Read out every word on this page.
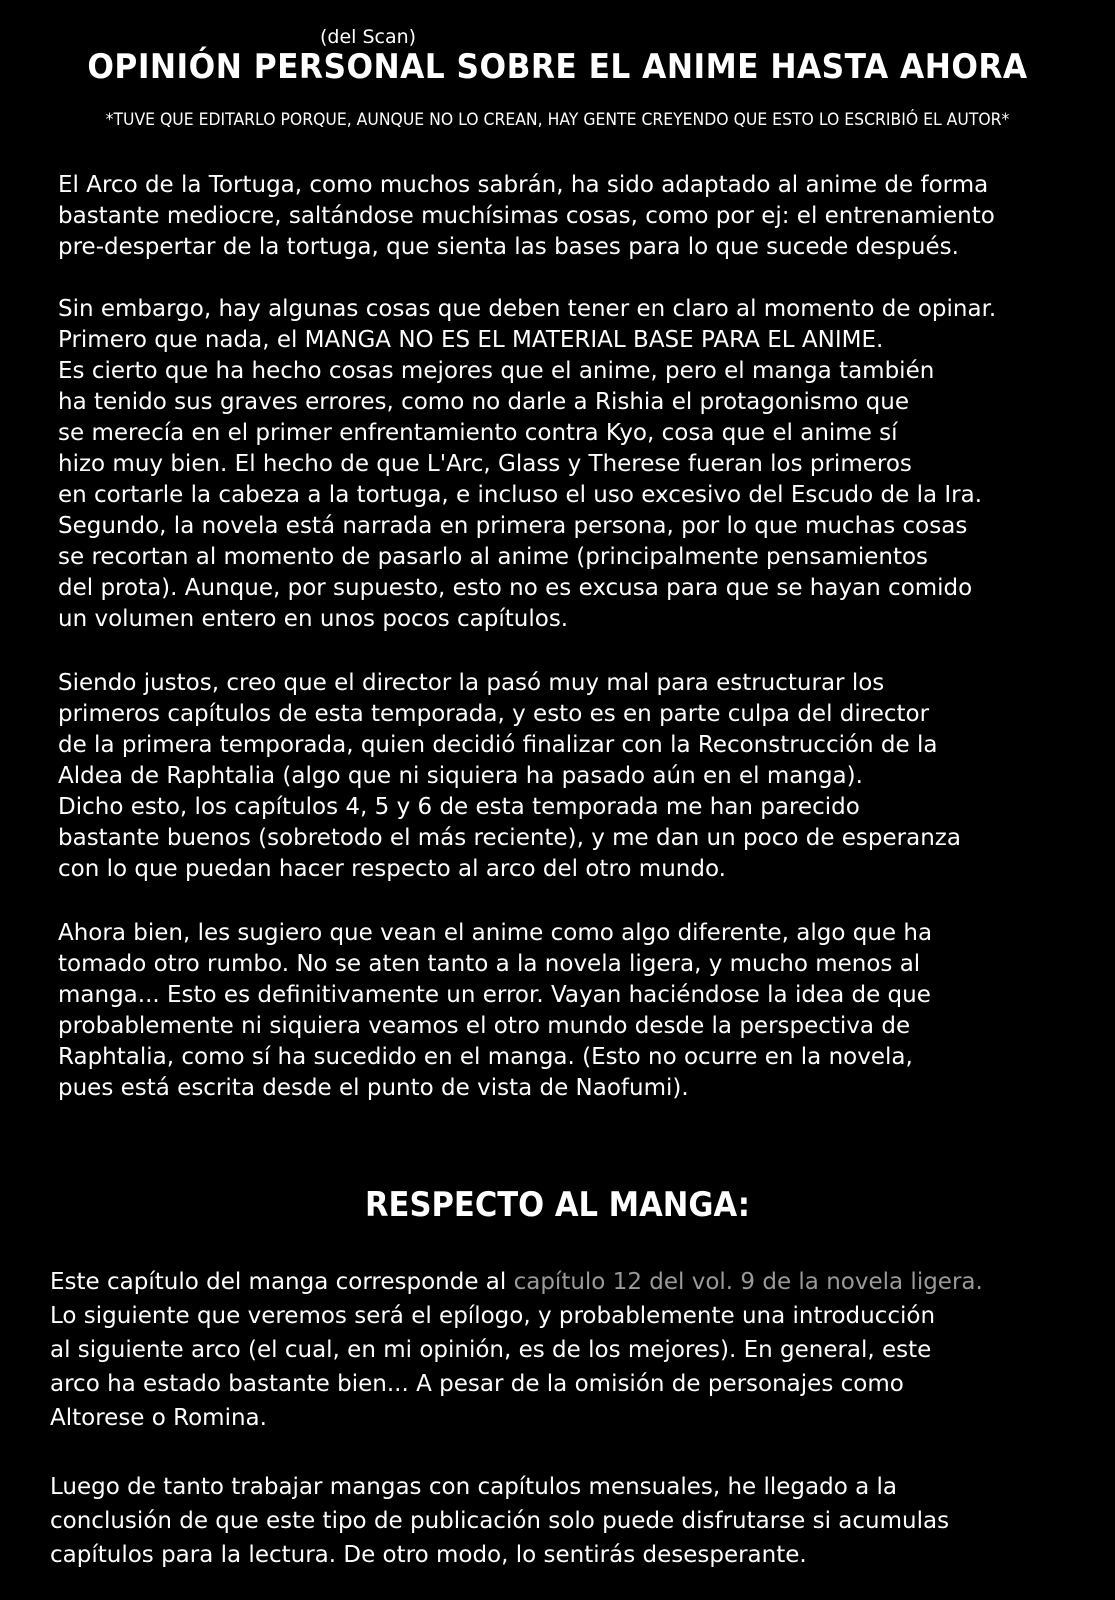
(del Scan)
OPINIÓN PERSONAL SOBRE EL ANIME HASTA AHORA
*TUVE QUE EDITARLO PORQUE, AUNQUE NO LO CREAN, HAY GENTE CREYENDO QUE ESTO LO ESCRIBIÓ EL AUTOR*
El Arco de la Tortuga, como muchos sabrán, ha sido adaptado al anime de forma
bastante mediocre, saltándose muchísimas cosas, como por ej: el entrenamiento
pre-despertar de la tortuga, que sienta las bases para lo que sucede después.
Sin embargo, hay algunas cosas que deben tener en claro al momento de opinar.
Primero que nada, el MANGA NO ES EL MATERIAL BASE PARA EL ANIME.
Es cierto que ha hecho cosas mejores que el anime, pero el manga también
ha tenido sus graves errores, como no darle a Rishia el protagonismo que
se merecía en el primer enfrentamiento contra Kyo, cosa que el anime sí
hizo muy bien. El hecho de que L'Arc, Glass y Therese fueran los primeros
en cortarle la cabeza a la tortuga, e incluso el uso excesivo del Escudo de la Ira.
Segundo, la novela está narrada en primera persona, por lo que muchas cosas
se recortan al momento de pasarlo al anime (principalmente pensamientos
del prota). Aunque, por supuesto, esto no es excusa para que se hayan comido
un volumen entero en unos pocos capítulos.
Siendo justos, creo que el director la pasó muy mal para estructurar los
primeros capítulos de esta temporada, y esto es en parte culpa del director
de la primera temporada, quien decidió finalizar con la Reconstrucción de la
Aldea de Raphtalia (algo que ni siquiera ha pasado aún en el manga).
Dicho esto, los capítulos 4, 5 y 6 de esta temporada me han parecido
bastante buenos (sobretodo el más reciente), y me dan un poco de esperanza
con lo que puedan hacer respecto al arco del otro mundo.
Ahora bien, les sugiero que vean el anime como algo diferente, algo que ha
tomado otro rumbo. No se aten tanto a la novela ligera, y mucho menos al
manga... Esto es definitivamente un error. Vayan haciéndose la idea de que
probablemente ni siquiera veamos el otro mundo desde la perspectiva de
Raphtalia, como sí ha sucedido en el manga. (Esto no ocurre en la novela,
pues está escrita desde el punto de vista de Naofumi).
RESPECTO AL MANGA:
Este capítulo del manga corresponde al capítulo 12 del vol. 9 de la novela ligera.
Lo siguiente que veremos será el epílogo, y probablemente una introducción
al siguiente arco (el cual, en mi opinión, es de los mejores). En general, este
arco ha estado bastante bien... A pesar de la omisión de personajes como
Altorese o Romina.
Luego de tanto trabajar mangas con capítulos mensuales, he llegado a la
conclusión de que este tipo de publicación solo puede disfrutarse si acumulas
capítulos para la lectura. De otro modo, lo sentirás desesperante.
